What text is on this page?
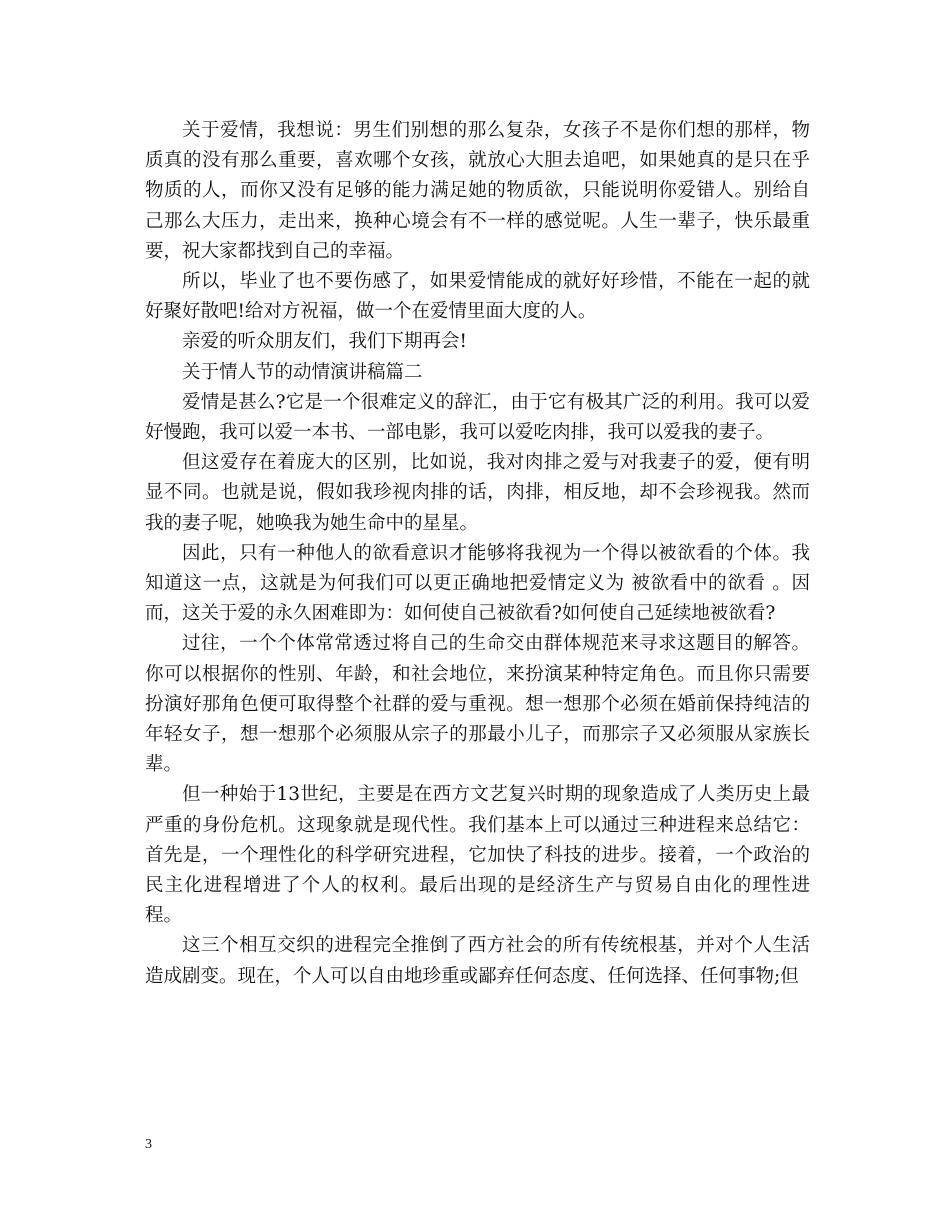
关于爱情，我想说：男生们别想的那么复杂，女孩子不是你们想的那样，物质真的没有那么重要，喜欢哪个女孩，就放心大胆去追吧，如果她真的是只在乎物质的人，而你又没有足够的能力满足她的物质欲，只能说明你爱错人。别给自己那么大压力，走出来，换种心境会有不一样的感觉呢。人生一辈子，快乐最重要，祝大家都找到自己的幸福。

所以，毕业了也不要伤感了，如果爱情能成的就好好珍惜，不能在一起的就好聚好散吧!给对方祝福，做一个在爱情里面大度的人。

亲爱的听众朋友们，我们下期再会!

关于情人节的动情演讲稿篇二

爱情是甚么?它是一个很难定义的辞汇，由于它有极其广泛的利用。我可以爱好慢跑，我可以爱一本书、一部电影，我可以爱吃肉排，我可以爱我的妻子。

但这爱存在着庞大的区别，比如说，我对肉排之爱与对我妻子的爱，便有明显不同。也就是说，假如我珍视肉排的话，肉排，相反地，却不会珍视我。然而我的妻子呢，她唤我为她生命中的星星。

因此，只有一种他人的欲看意识才能够将我视为一个得以被欲看的个体。我知道这一点，这就是为何我们可以更正确地把爱情定义为 被欲看中的欲看 。因而，这关于爱的永久困难即为：如何使自己被欲看?如何使自己延续地被欲看?

过往，一个个体常常透过将自己的生命交由群体规范来寻求这题目的解答。你可以根据你的性别、年龄，和社会地位，来扮演某种特定角色。而且你只需要扮演好那角色便可取得整个社群的爱与重视。想一想那个必须在婚前保持纯洁的年轻女子，想一想那个必须服从宗子的那最小儿子，而那宗子又必须服从家族长辈。

但一种始于13世纪，主要是在西方文艺复兴时期的现象造成了人类历史上最严重的身份危机。这现象就是现代性。我们基本上可以通过三种进程来总结它：首先是，一个理性化的科学研究进程，它加快了科技的进步。接着，一个政治的民主化进程增进了个人的权利。最后出现的是经济生产与贸易自由化的理性进程。

这三个相互交织的进程完全推倒了西方社会的所有传统根基，并对个人生活造成剧变。现在，个人可以自由地珍重或鄙弃任何态度、任何选择、任何事物;但

3
